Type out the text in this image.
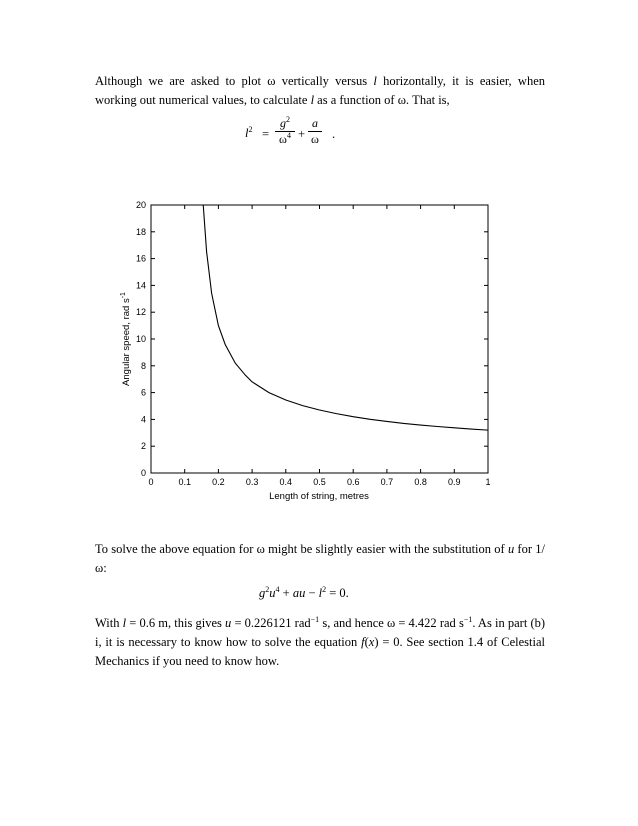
Although we are asked to plot ω vertically versus l horizontally, it is easier, when working out numerical values, to calculate l as a function of ω. That is,

$l^2$ =
$g^2$
$\omega^4$ +
a
ω .
0	0.1 0.2 0.3 0.4 0.5 0.6 0.7 0.8 0.9	1
0
2
4
6
8
10
12
14
16
18
20
Length of string, metres
Angular speed, rad $s^{-1}$

To solve the above equation for ω might be slightly easier with the substitution of u for 1/ω:

$g^2u^4$ + au − $l^2 = 0$.

With l = 0.6 m, this gives u = 0.226121 rad$^{-1}$ s, and hence ω = 4.422 rad $s^{-1}$. As in part (b) i, it is necessary to know how to solve the equation f(x) = 0. See section 1.4 of Celestial Mechanics if you need to know how.
